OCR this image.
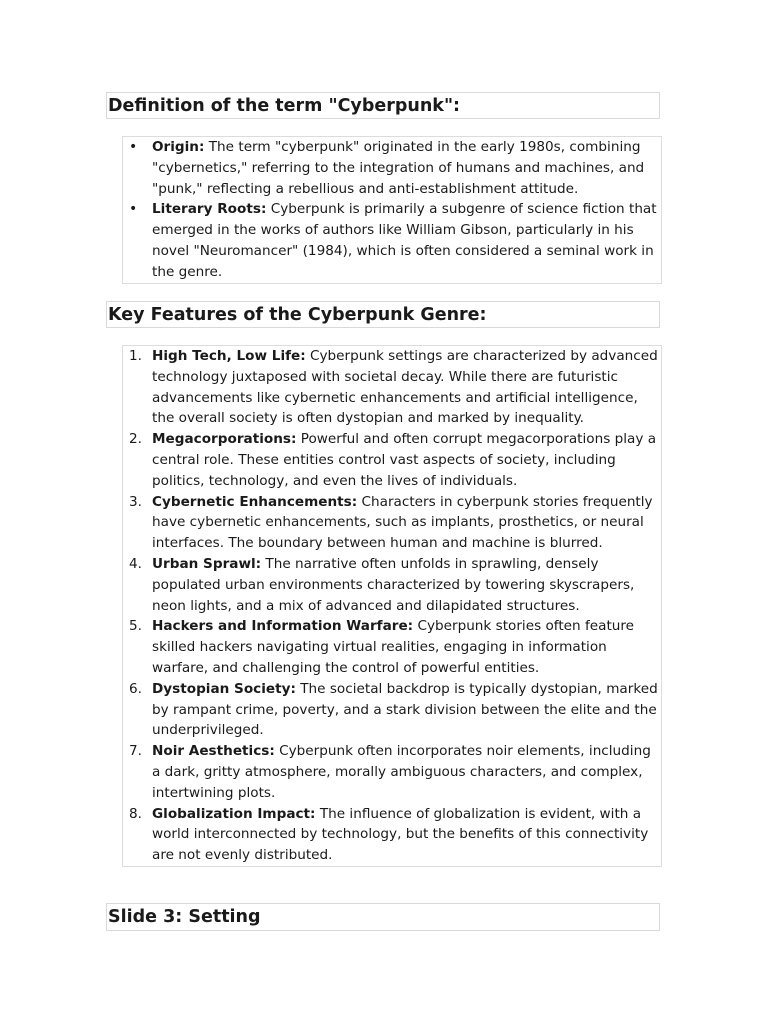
Definition of the term "Cyberpunk":
• Origin: The term "cyberpunk" originated in the early 1980s, combining "cybernetics," referring to the integration of humans and machines, and "punk," reflecting a rebellious and anti-establishment attitude.
• Literary Roots: Cyberpunk is primarily a subgenre of science fiction that emerged in the works of authors like William Gibson, particularly in his novel "Neuromancer" (1984), which is often considered a seminal work in the genre.
Key Features of the Cyberpunk Genre:
1. High Tech, Low Life: Cyberpunk settings are characterized by advanced technology juxtaposed with societal decay. While there are futuristic advancements like cybernetic enhancements and artificial intelligence, the overall society is often dystopian and marked by inequality.
2. Megacorporations: Powerful and often corrupt megacorporations play a central role. These entities control vast aspects of society, including politics, technology, and even the lives of individuals.
3. Cybernetic Enhancements: Characters in cyberpunk stories frequently have cybernetic enhancements, such as implants, prosthetics, or neural interfaces. The boundary between human and machine is blurred.
4. Urban Sprawl: The narrative often unfolds in sprawling, densely populated urban environments characterized by towering skyscrapers, neon lights, and a mix of advanced and dilapidated structures.
5. Hackers and Information Warfare: Cyberpunk stories often feature skilled hackers navigating virtual realities, engaging in information warfare, and challenging the control of powerful entities.
6. Dystopian Society: The societal backdrop is typically dystopian, marked by rampant crime, poverty, and a stark division between the elite and the underprivileged.
7. Noir Aesthetics: Cyberpunk often incorporates noir elements, including a dark, gritty atmosphere, morally ambiguous characters, and complex, intertwining plots.
8. Globalization Impact: The influence of globalization is evident, with a world interconnected by technology, but the benefits of this connectivity are not evenly distributed.
Slide 3: Setting
